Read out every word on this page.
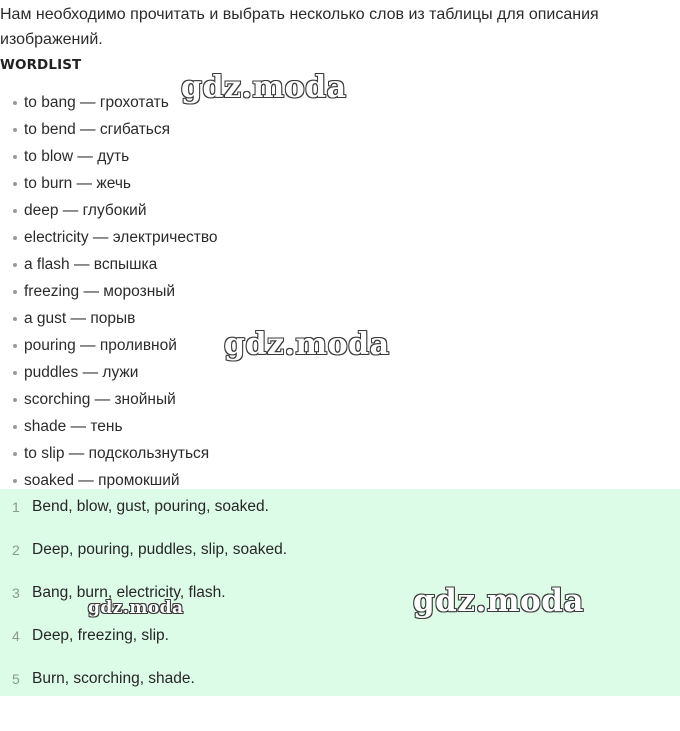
Нам необходимо прочитать и выбрать несколько слов из таблицы для описания изображений.

WORDLIST
to bang — грохотать
to bend — сгибаться
to blow — дуть
to burn — жечь
deep — глубокий
electricity — электричество
a flash — вспышка
freezing — морозный
a gust — порыв
pouring — проливной
puddles — лужи
scorching — знойный
shade — тень
to slip — подскользнуться
soaked — промокший
1 Bend, blow, gust, pouring, soaked.
2 Deep, pouring, puddles, slip, soaked.
3 Bang, burn, electricity, flash.
4 Deep, freezing, slip.
5 Burn, scorching, shade.
gdz.moda
gdz.moda
gdz.moda	gdz.moda
